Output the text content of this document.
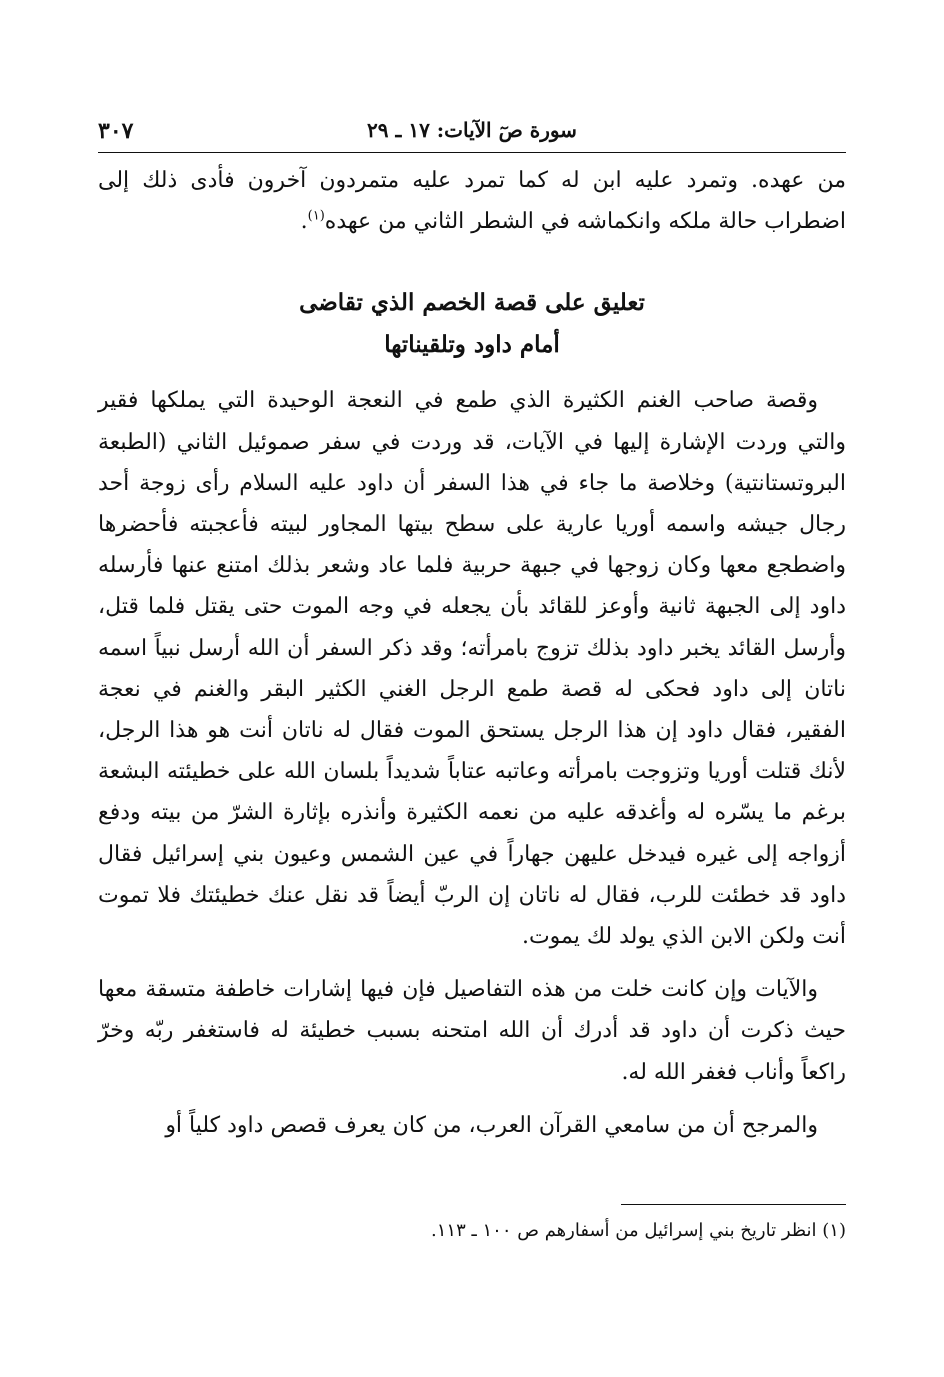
٣٠٧	سورة صٓ الآيات: ١٧ ـ ٢٩

من عهده. وتمرد عليه ابن له كما تمرد عليه متمردون آخرون فأدى ذلك إلى اضطراب حالة ملكه وانكماشه في الشطر الثاني من عهده$^{(١)}$.

تعليق على قصة الخصم الذي تقاضى
أمام داود وتلقيناتها

وقصة صاحب الغنم الكثيرة الذي طمع في النعجة الوحيدة التي يملكها فقير والتي وردت الإشارة إليها في الآيات، قد وردت في سفر صموئيل الثاني (الطبعة البروتستانتية) وخلاصة ما جاء في هذا السفر أن داود عليه السلام رأى زوجة أحد رجال جيشه واسمه أوريا عارية على سطح بيتها المجاور لبيته فأعجبته فأحضرها واضطجع معها وكان زوجها في جبهة حربية فلما عاد وشعر بذلك امتنع عنها فأرسله داود إلى الجبهة ثانية وأوعز للقائد بأن يجعله في وجه الموت حتى يقتل فلما قتل، وأرسل القائد يخبر داود بذلك تزوج بامرأته؛ وقد ذكر السفر أن الله أرسل نبياً اسمه ناتان إلى داود فحكى له قصة طمع الرجل الغني الكثير البقر والغنم في نعجة الفقير، فقال داود إن هذا الرجل يستحق الموت فقال له ناتان أنت هو هذا الرجل، لأنك قتلت أوريا وتزوجت بامرأته وعاتبه عتاباً شديداً بلسان الله على خطيئته البشعة برغم ما يسّره له وأغدقه عليه من نعمه الكثيرة وأنذره بإثارة الشرّ من بيته ودفع أزواجه إلى غيره فيدخل عليهن جهاراً في عين الشمس وعيون بني إسرائيل فقال داود قد خطئت للرب، فقال له ناتان إن الربّ أيضاً قد نقل عنك خطيئتك فلا تموت أنت ولكن الابن الذي يولد لك يموت.

والآيات وإن كانت خلت من هذه التفاصيل فإن فيها إشارات خاطفة متسقة معها حيث ذكرت أن داود قد أدرك أن الله امتحنه بسبب خطيئة له فاستغفر ربّه وخرّ راكعاً وأناب فغفر الله له.

والمرجح أن من سامعي القرآن العرب، من كان يعرف قصص داود كلياً أو

(١) انظر تاريخ بني إسرائيل من أسفارهم ص ١٠٠ ـ ١١٣.
